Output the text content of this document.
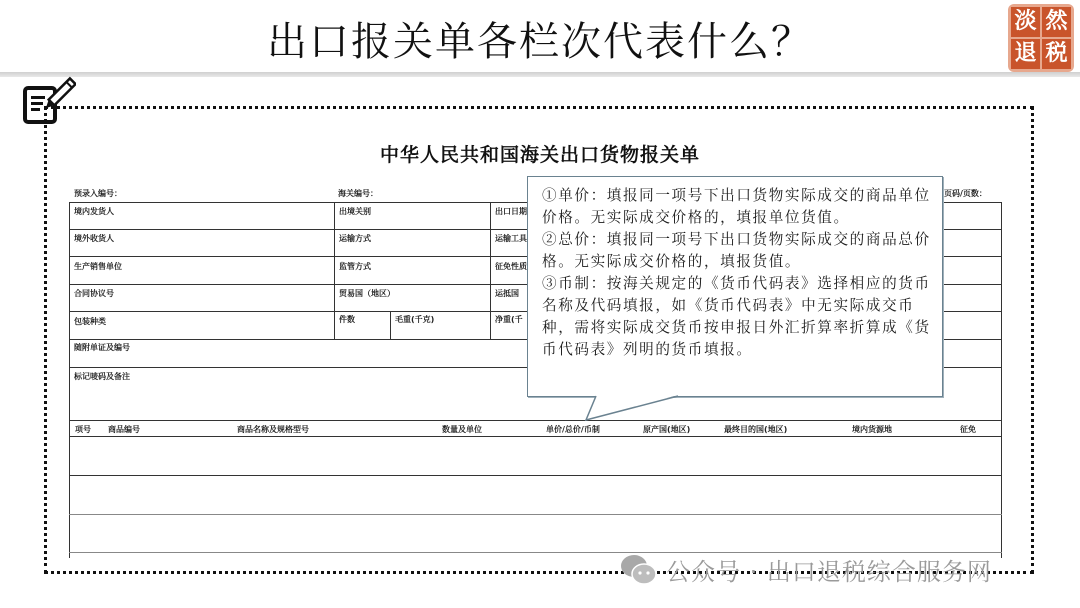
出口报关单各栏次代表什么？	淡 然
退 税
中华人民共和国海关出口货物报关单
预录入编号：	海关编号：	页码/页数：
境内发货人	出境关别	出口日期
境外收货人	运输方式	运输工具
生产销售单位	监管方式	征免性质
合同协议号	贸易国（地区）	运抵国
包装种类	件数	毛重(千克)	净重(千
随附单证及编号
标记唛码及备注
项号 商品编号	商品名称及规格型号	数量及单位	单价/总价/币制	原产国(地区)	最终目的国(地区)	境内货源地	征免

①单价：填报同一项号下出口货物实际成交的商品单位价格。无实际成交价格的，填报单位货值。

②总价：填报同一项号下出口货物实际成交的商品总价格。无实际成交价格的，填报货值。

③币制：按海关规定的《货币代码表》选择相应的货币名称及代码填报，如《货币代码表》中无实际成交币种，需将实际成交货币按申报日外汇折算率折算成《货币代码表》列明的货币填报。

公众号 · 出口退税综合服务网
